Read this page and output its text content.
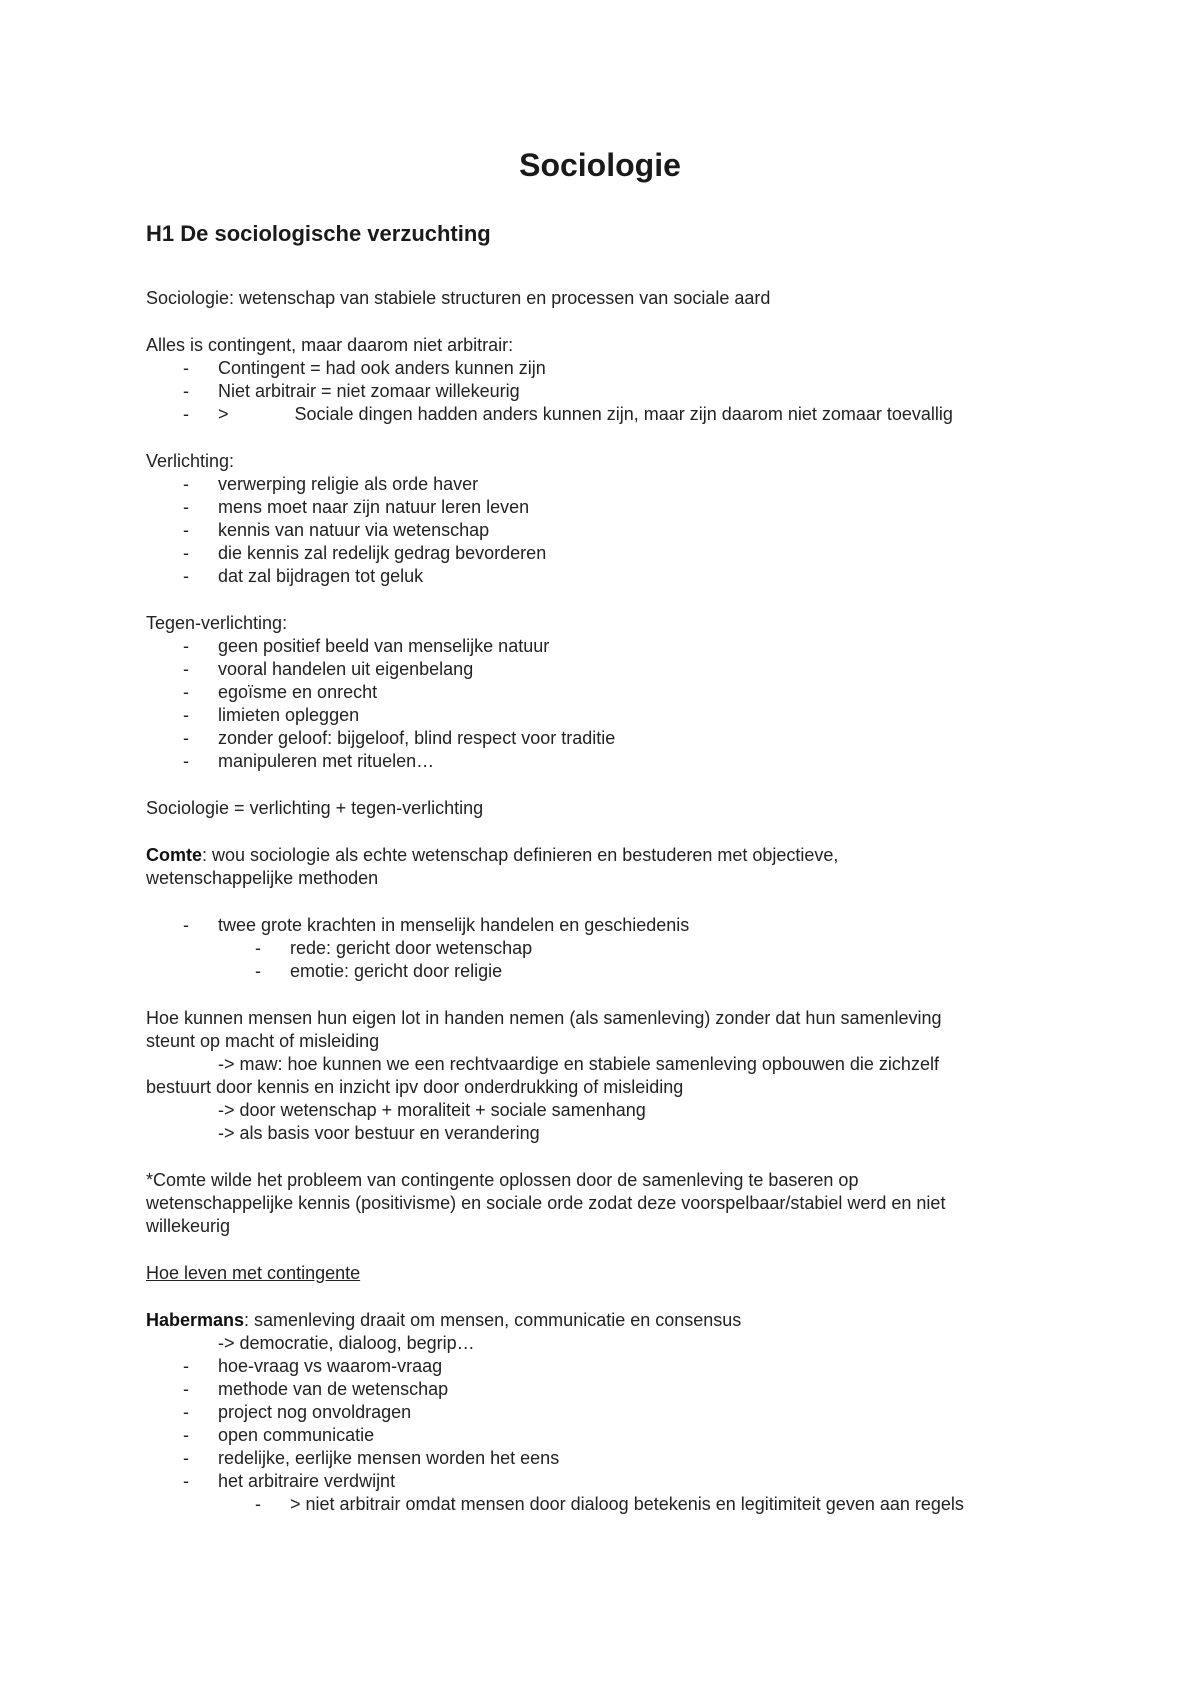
Sociologie
H1 De sociologische verzuchting
Sociologie: wetenschap van stabiele structuren en processen van sociale aard
Alles is contingent, maar daarom niet arbitrair:
- Contingent = had ook anders kunnen zijn
- Niet arbitrair = niet zomaar willekeurig
- >	Sociale dingen hadden anders kunnen zijn, maar zijn daarom niet zomaar toevallig
Verlichting:
- verwerping religie als orde haver
- mens moet naar zijn natuur leren leven
- kennis van natuur via wetenschap
- die kennis zal redelijk gedrag bevorderen
- dat zal bijdragen tot geluk
Tegen-verlichting:
- geen positief beeld van menselijke natuur
- vooral handelen uit eigenbelang
- egoïsme en onrecht
- limieten opleggen
- zonder geloof: bijgeloof, blind respect voor traditie
- manipuleren met rituelen…
Sociologie = verlichting + tegen-verlichting
Comte: wou sociologie als echte wetenschap definieren en bestuderen met objectieve,
wetenschappelijke methoden
- twee grote krachten in menselijk handelen en geschiedenis
- rede: gericht door wetenschap
- emotie: gericht door religie
Hoe kunnen mensen hun eigen lot in handen nemen (als samenleving) zonder dat hun samenleving
steunt op macht of misleiding
-> maw: hoe kunnen we een rechtvaardige en stabiele samenleving opbouwen die zichzelf
bestuurt door kennis en inzicht ipv door onderdrukking of misleiding
-> door wetenschap + moraliteit + sociale samenhang
-> als basis voor bestuur en verandering
*Comte wilde het probleem van contingente oplossen door de samenleving te baseren op
wetenschappelijke kennis (positivisme) en sociale orde zodat deze voorspelbaar/stabiel werd en niet
willekeurig
Hoe leven met contingente
Habermans: samenleving draait om mensen, communicatie en consensus
-> democratie, dialoog, begrip…
- hoe-vraag vs waarom-vraag
- methode van de wetenschap
- project nog onvoldragen
- open communicatie
- redelijke, eerlijke mensen worden het eens
- het arbitraire verdwijnt
- > niet arbitrair omdat mensen door dialoog betekenis en legitimiteit geven aan regels
